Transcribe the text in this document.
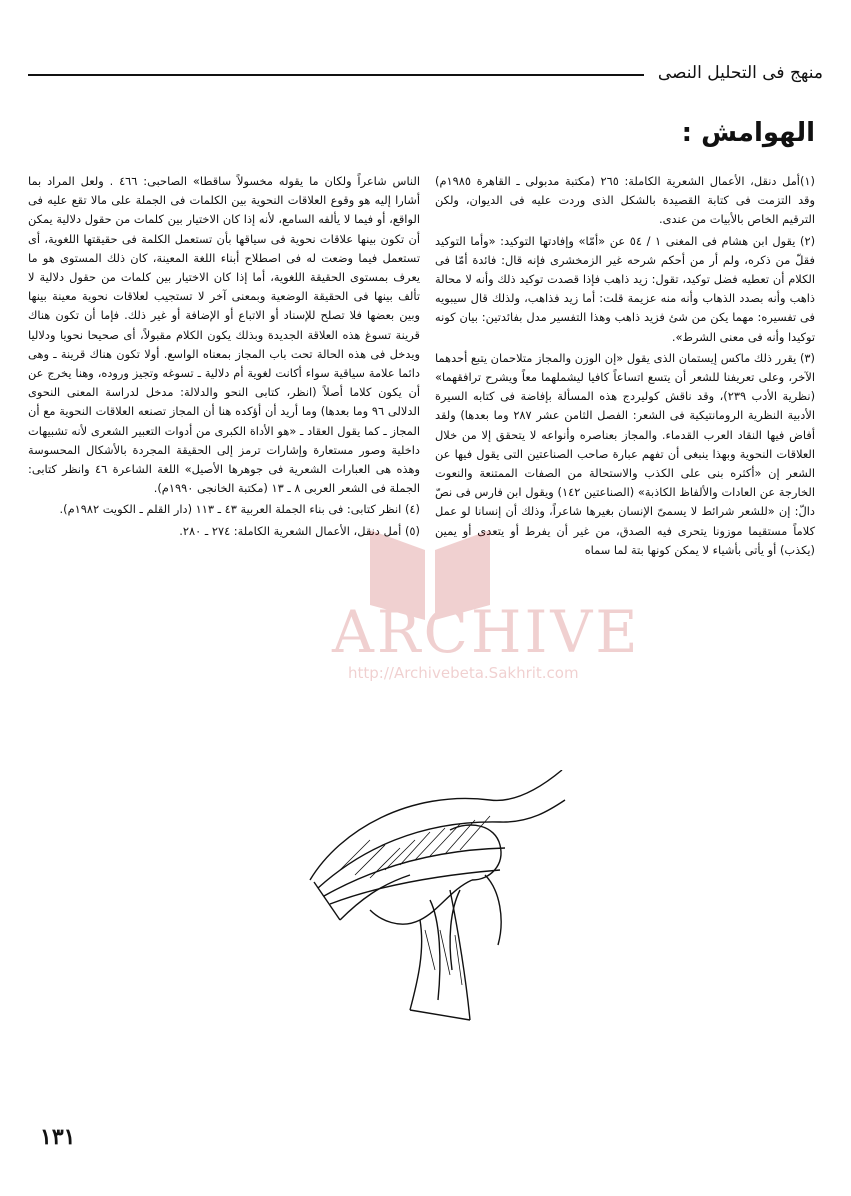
منهج فى التحليل النصى
الهوامش :

(١)أمل دنقل، الأعمال الشعرية الكاملة: ٢٦٥ (مكتبة مدبولى ـ القاهرة ١٩٨٥م) وقد التزمت فى كتابة القصيدة بالشكل الذى وردت عليه فى الديوان، ولكن الترقيم الخاص بالأبيات من عندى.

(٢) يقول ابن هشام فى المغنى ١ / ٥٤ عن «أمّا» وإفادتها التوكيد: «وأما التوكيد فقلّ من ذكره، ولم أر من أحكم شرحه غير الزمخشرى فإنه قال: فائدة أمّا فى الكلام أن تعطيه فضل توكيد، تقول: زيد ذاهب فإذا قصدت توكيد ذلك وأنه لا محالة ذاهب وأنه بصدد الذهاب وأنه منه عزيمة قلت: أما زيد فذاهب، ولذلك قال سيبويه فى تفسيره: مهما يكن من شئ فزيد ذاهب وهذا التفسير مدل بفائدتين: بيان كونه توكيدا وأنه فى معنى الشرط».

(٣) يقرر ذلك ماكس إيستمان الذى يقول «إن الوزن والمجاز متلاحمان يتبع أحدهما الآخر، وعلى تعريفنا للشعر أن يتسع اتساعاً كافيا ليشملهما معاً ويشرح ترافقهما» (نظرية الأدب ٢٣٩)، وقد ناقش كوليردج هذه المسألة بإفاضة فى كتابه السيرة الأدبية النظرية الرومانتيكية فى الشعر: الفصل الثامن عشر ٢٨٧ وما بعدها) ولقد أفاض فيها النقاد العرب القدماء. والمجاز بعناصره وأنواعه لا يتحقق إلا من خلال العلاقات النحوية وبهذا ينبغى أن تفهم عبارة صاحب الصناعتين التى يقول فيها عن الشعر إن «أكثره بنى على الكذب والاستحالة من الصفات الممتنعة والنعوت الخارجة عن العادات والألفاظ الكاذبة» (الصناعتين ١٤٢) ويقول ابن فارس فى نصّ دالّ: إن «للشعر شرائط لا يسمىّ الإنسان بغيرها شاعراً، وذلك أن إنسانا لو عمل كلاماً مستقيما موزونا يتحرى فيه الصدق، من غير أن يفرط أو يتعدى أو يمين (يكذب) أو يأتى بأشياء لا يمكن كونها بتة لما سماه

الناس شاعراً ولكان ما يقوله مخسولاً ساقطا» الصاحبى: ٤٦٦ . ولعل المراد بما أشارا إليه هو وقوع العلاقات النحوية بين الكلمات فى الجملة على مالا تقع عليه فى الواقع، أو فيما لا يألفه السامع، لأنه إذا كان الاختيار بين كلمات من حقول دلالية يمكن أن تكون بينها علاقات نحوية فى سياقها بأن تستعمل الكلمة فى حقيقتها اللغوية، أى تستعمل فيما وضعت له فى اصطلاح أبناء اللغة المعينة، كان ذلك المستوى هو ما يعرف بمستوى الحقيقة اللغوية، أما إذا كان الاختيار بين كلمات من حقول دلالية لا تألف بينها فى الحقيقة الوضعية وبمعنى آخر لا تستجيب لعلاقات نحوية معينة بينها وبين بعضها فلا تصلح للإسناد أو الاتباع أو الإضافة أو غير ذلك. فإما أن تكون هناك قرينة تسوغ هذه العلاقة الجديدة وبذلك يكون الكلام مقبولاً، أى صحيحا نحويا ودلاليا ويدخل فى هذه الحالة تحت باب المجاز بمعناه الواسع. أولا تكون هناك قرينة ـ وهى دائما علامة سياقية سواء أكانت لغوية أم دلالية ـ تسوغه وتجيز وروده، وهنا يخرج عن أن يكون كلاما أصلاً (انظر، كتابى النحو والدلالة: مدخل لدراسة المعنى النحوى الدلالى ٩٦ وما بعدها) وما أريد أن أؤكده هنا أن المجاز تصنعه العلاقات النحوية مع أن المجاز ـ كما يقول العقاد ـ «هو الأداة الكبرى من أدوات التعبير الشعرى لأنه تشبيهات داخلية وصور مستعارة وإشارات ترمز إلى الحقيقة المجردة بالأشكال المحسوسة وهذه هى العبارات الشعرية فى جوهرها الأصيل» اللغة الشاعرة ٤٦ وانظر كتابى: الجملة فى الشعر العربى ٨ ـ ١٣ (مكتبة الخانجى ١٩٩٠م).

(٤) انظر كتابى: فى بناء الجملة العربية ٤٣ ـ ١١٣ (دار القلم ـ الكويت ١٩٨٢م).

(٥) أمل دنقل، الأعمال الشعرية الكاملة: ٢٧٤ ـ ٢٨٠.

ARCHIVE
http://Archivebeta.Sakhrit.com
١٣١
